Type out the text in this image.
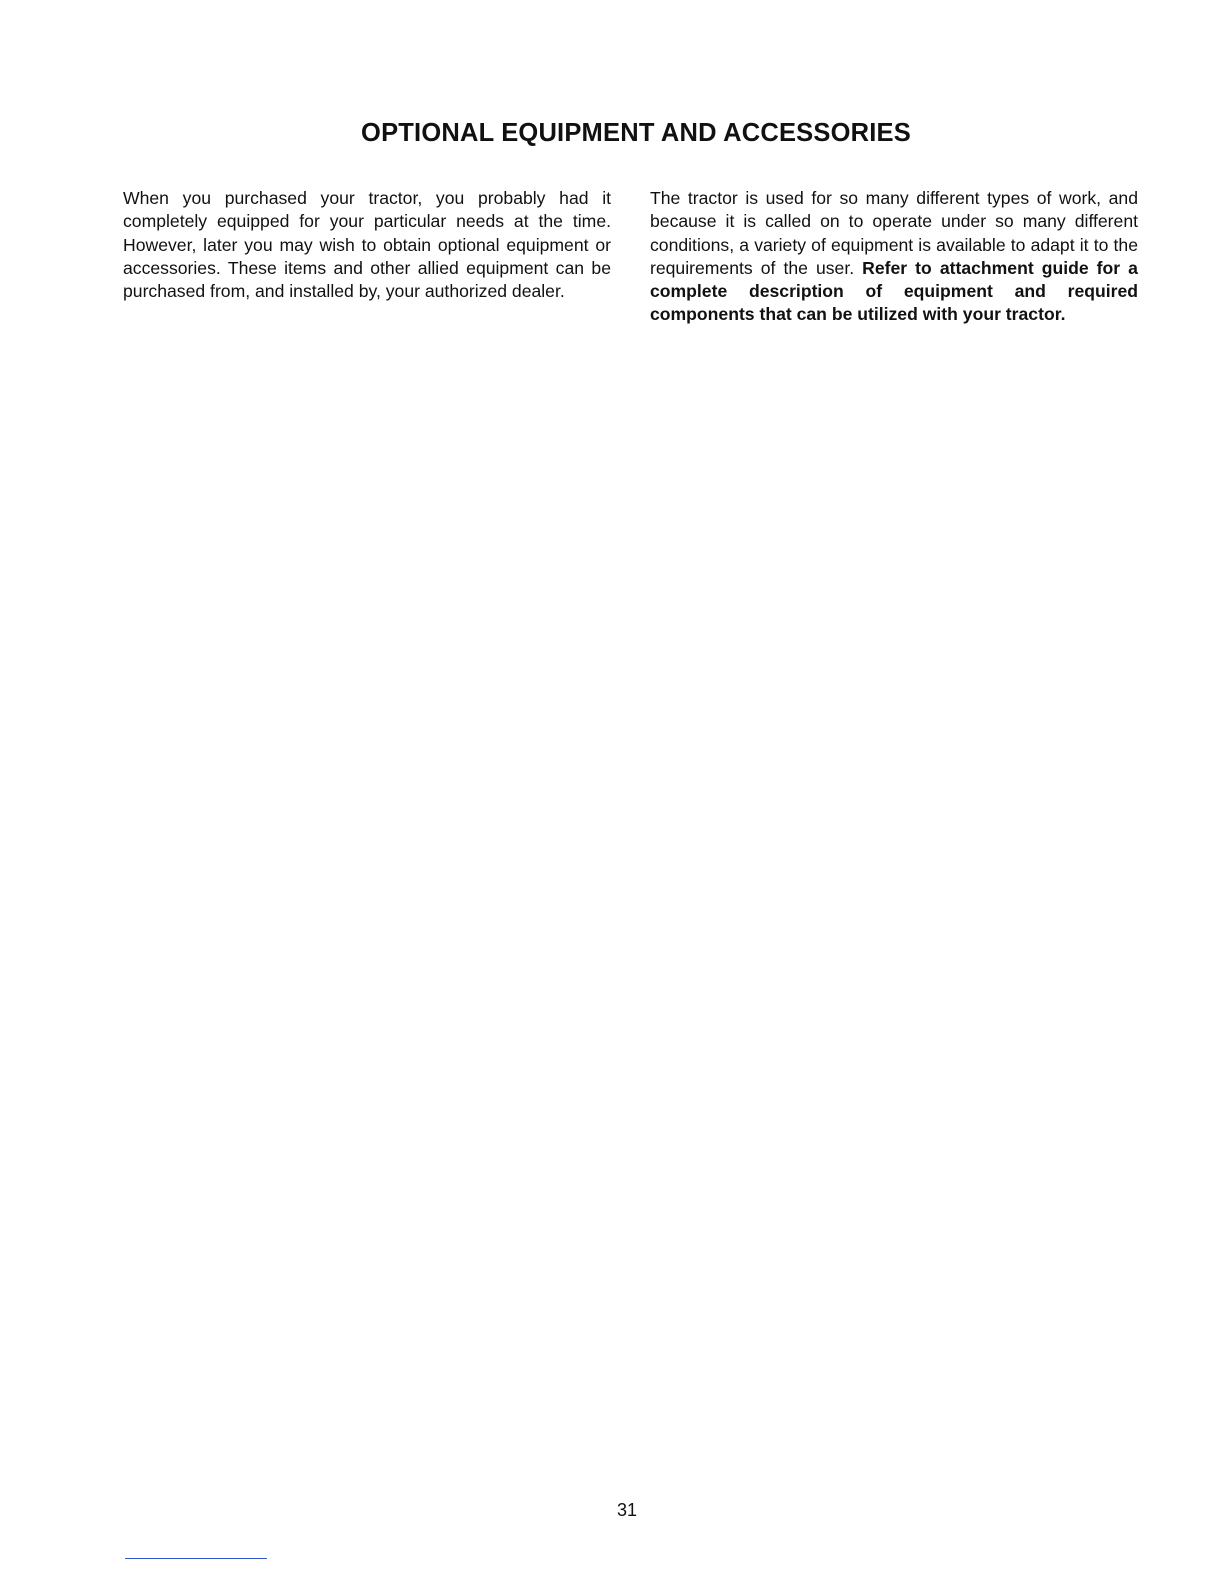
OPTIONAL EQUIPMENT AND ACCESSORIES

When you purchased your tractor, you probably had it completely equipped for your particular needs at the time. However, later you may wish to obtain optional equipment or accessories. These items and other allied equipment can be purchased from, and installed by, your authorized dealer.

The tractor is used for so many different types of work, and because it is called on to operate under so many different conditions, a variety of equipment is available to adapt it to the requirements of the user. Refer to attachment guide for a complete description of equipment and required components that can be utilized with your tractor.

31
